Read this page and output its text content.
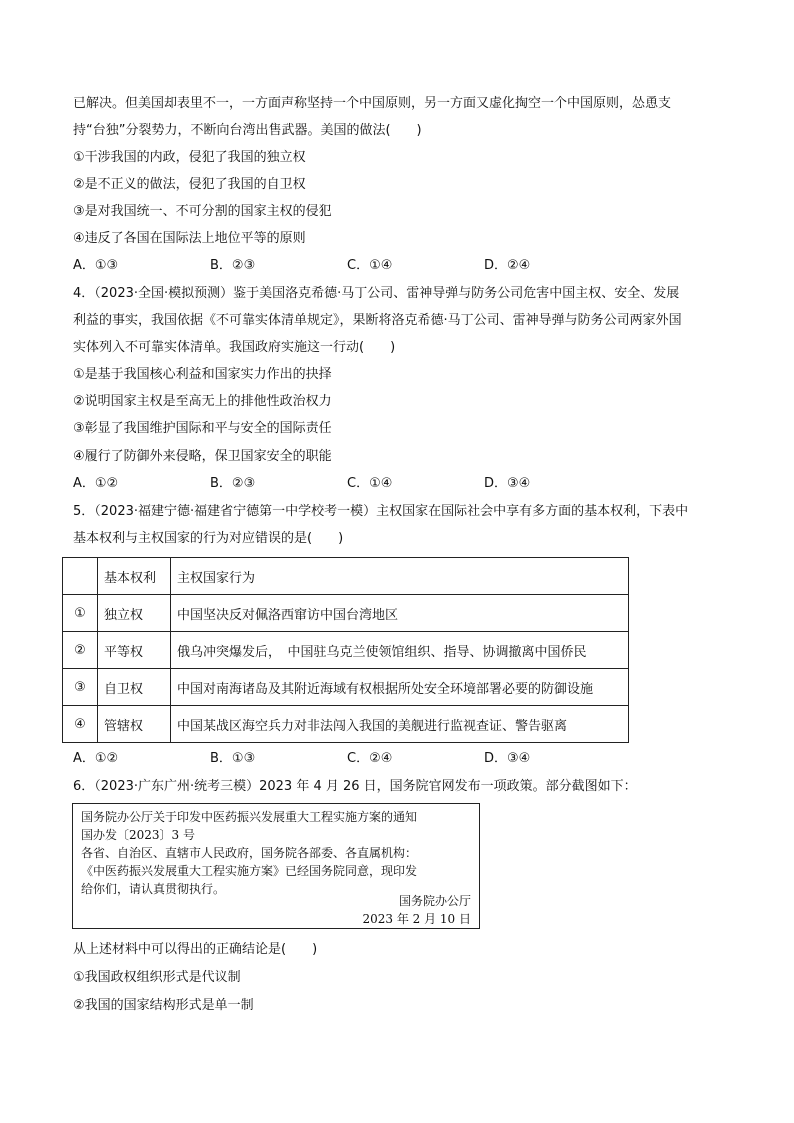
已解决。但美国却表里不一，一方面声称坚持一个中国原则，另一方面又虚化掏空一个中国原则，怂恿支
持“台独”分裂势力，不断向台湾出售武器。美国的做法(　　)
①干涉我国的内政，侵犯了我国的独立权
②是不正义的做法，侵犯了我国的自卫权
③是对我国统一、不可分割的国家主权的侵犯
④违反了各国在国际法上地位平等的原则
A．①③	B．②③	C．①④	D．②④
4．（2023·全国·模拟预测）鉴于美国洛克希德·马丁公司、雷神导弹与防务公司危害中国主权、安全、发展
利益的事实，我国依据《不可靠实体清单规定》，果断将洛克希德·马丁公司、雷神导弹与防务公司两家外国
实体列入不可靠实体清单。我国政府实施这一行动(　　)
①是基于我国核心利益和国家实力作出的抉择
②说明国家主权是至高无上的排他性政治权力
③彰显了我国维护国际和平与安全的国际责任
④履行了防御外来侵略，保卫国家安全的职能
A．①②	B．②③	C．①④	D．③④
5．（2023·福建宁德·福建省宁德第一中学校考一模）主权国家在国际社会中享有多方面的基本权利，下表中
基本权利与主权国家的行为对应错误的是(　　)
	基本权利	主权国家行为
①	独立权	中国坚决反对佩洛西窜访中国台湾地区
②	平等权	俄乌冲突爆发后，　中国驻乌克兰使领馆组织、指导、协调撤离中国侨民
③	自卫权	中国对南海诸岛及其附近海域有权根据所处安全环境部署必要的防御设施
④	管辖权	中国某战区海空兵力对非法闯入我国的美舰进行监视查证、警告驱离
A．①②	B．①③	C．②④	D．③④
6．（2023·广东广州·统考三模）2023 年 4 月 26 日，国务院官网发布一项政策。部分截图如下：
国务院办公厅关于印发中医药振兴发展重大工程实施方案的通知
国办发〔2023〕3 号
各省、自治区、直辖市人民政府，国务院各部委、各直属机构：
《中医药振兴发展重大工程实施方案》已经国务院同意，现印发
给你们，请认真贯彻执行。
国务院办公厅
2023 年 2 月 10 日
从上述材料中可以得出的正确结论是(　　)
①我国政权组织形式是代议制
②我国的国家结构形式是单一制
